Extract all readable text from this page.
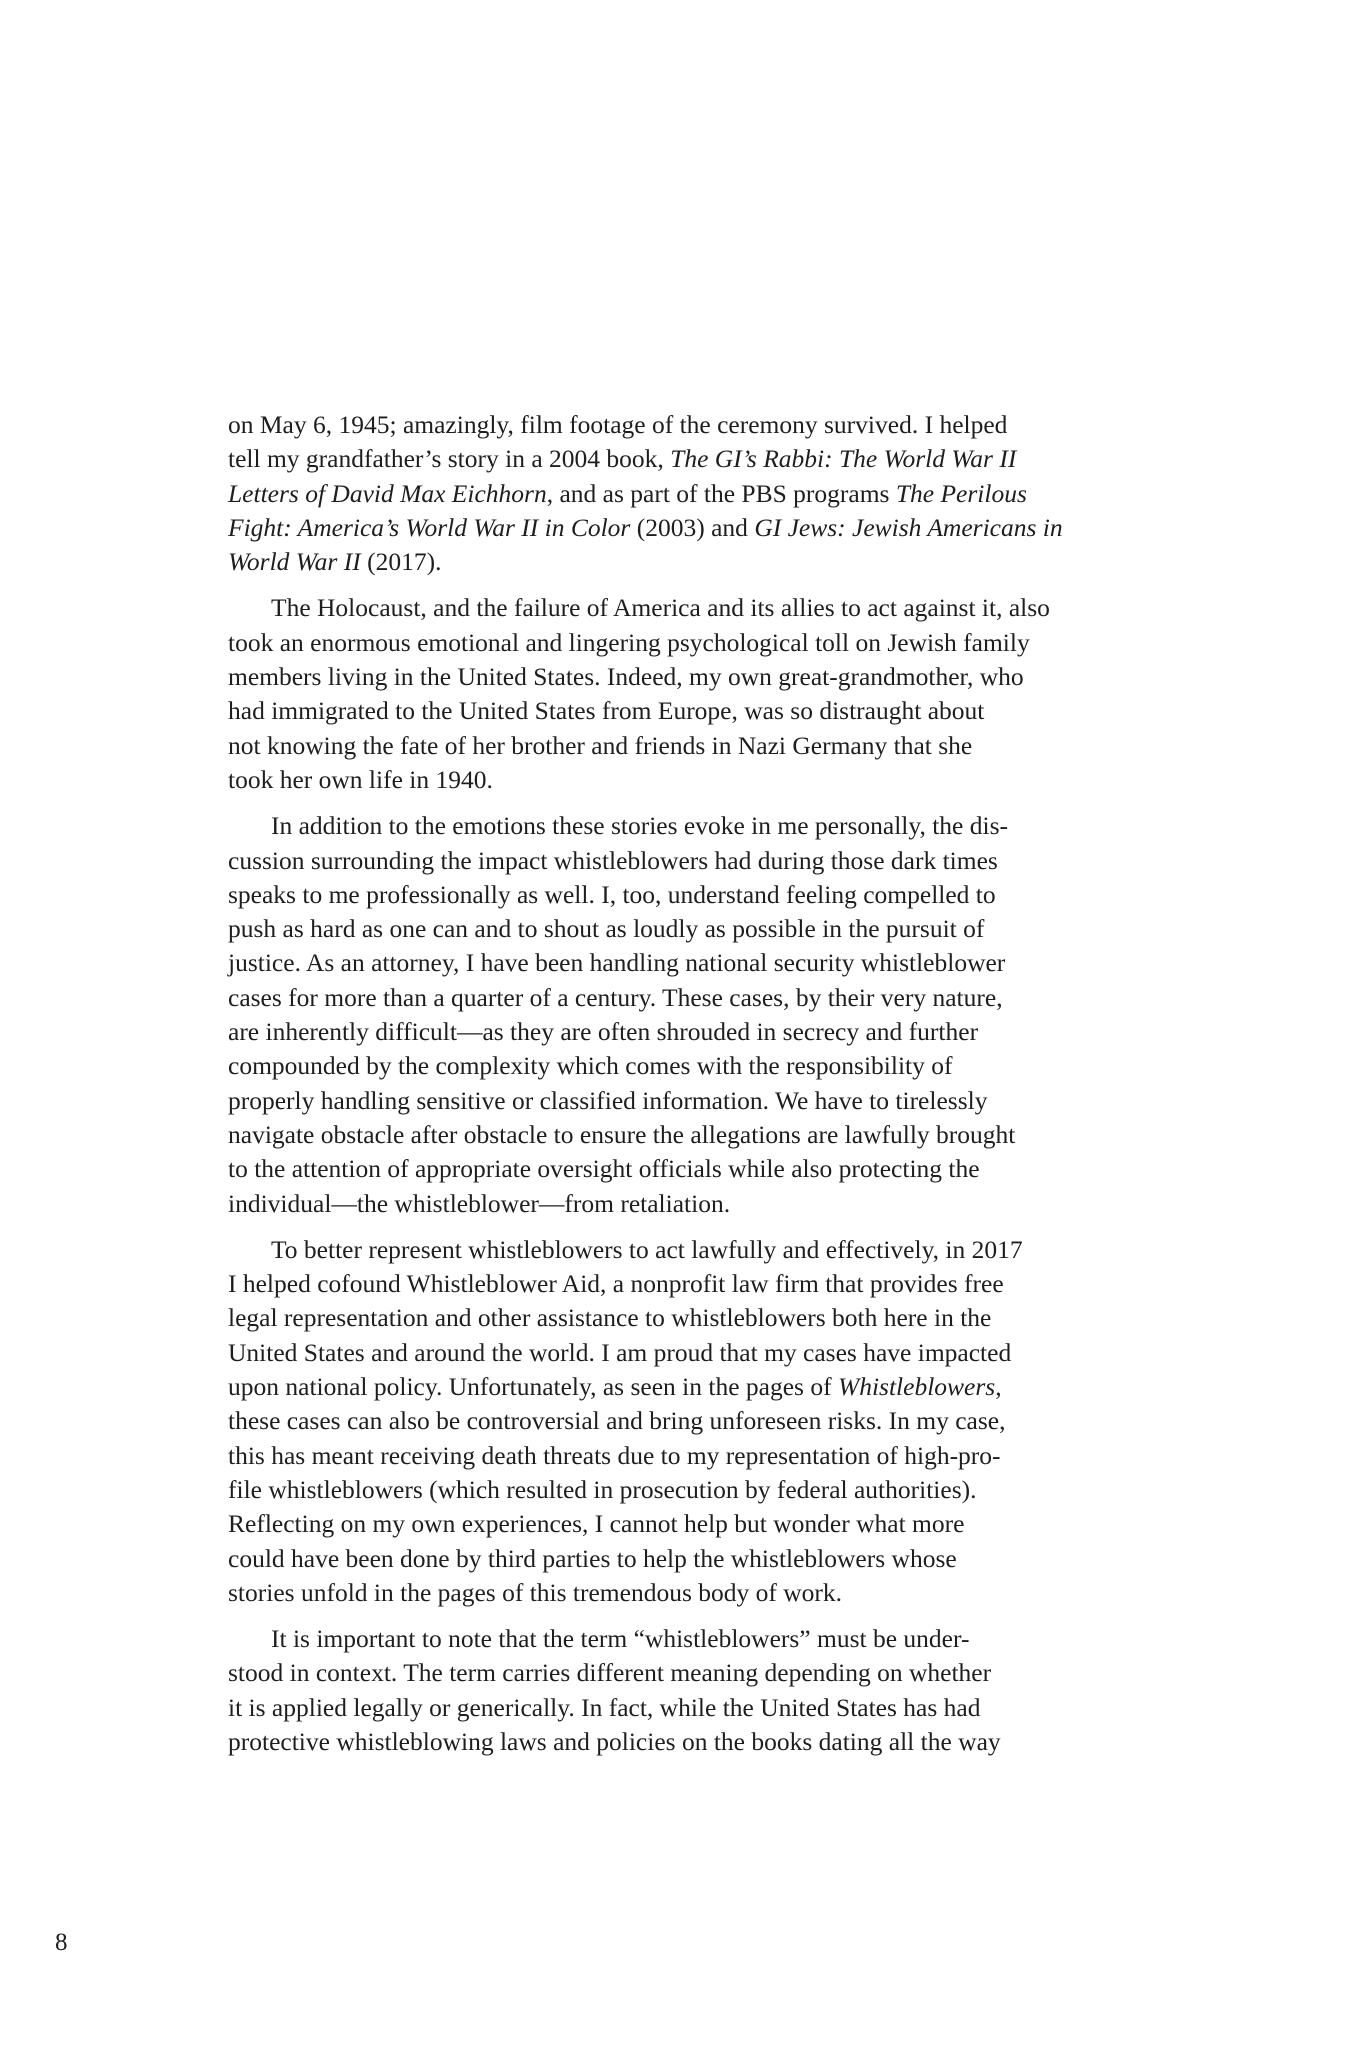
on May 6, 1945; amazingly, film footage of the ceremony survived. I helped
tell my grandfather’s story in a 2004 book, The GI’s Rabbi: The World War II
Letters of David Max Eichhorn, and as part of the PBS programs The Perilous
Fight: America’s World War II in Color (2003) and GI Jews: Jewish Americans in
World War II (2017).

The Holocaust, and the failure of America and its allies to act against it, also
took an enormous emotional and lingering psychological toll on Jewish family
members living in the United States. Indeed, my own great-grandmother, who
had immigrated to the United States from Europe, was so distraught about
not knowing the fate of her brother and friends in Nazi Germany that she
took her own life in 1940.

In addition to the emotions these stories evoke in me personally, the dis-
cussion surrounding the impact whistleblowers had during those dark times
speaks to me professionally as well. I, too, understand feeling compelled to
push as hard as one can and to shout as loudly as possible in the pursuit of
justice. As an attorney, I have been handling national security whistleblower
cases for more than a quarter of a century. These cases, by their very nature,
are inherently difficult—as they are often shrouded in secrecy and further
compounded by the complexity which comes with the responsibility of
properly handling sensitive or classified information. We have to tirelessly
navigate obstacle after obstacle to ensure the allegations are lawfully brought
to the attention of appropriate oversight officials while also protecting the
individual—the whistleblower—from retaliation.

To better represent whistleblowers to act lawfully and effectively, in 2017
I helped cofound Whistleblower Aid, a nonprofit law firm that provides free
legal representation and other assistance to whistleblowers both here in the
United States and around the world. I am proud that my cases have impacted
upon national policy. Unfortunately, as seen in the pages of Whistleblowers,
these cases can also be controversial and bring unforeseen risks. In my case,
this has meant receiving death threats due to my representation of high-pro-
file whistleblowers (which resulted in prosecution by federal authorities).
Reflecting on my own experiences, I cannot help but wonder what more
could have been done by third parties to help the whistleblowers whose
stories unfold in the pages of this tremendous body of work.

It is important to note that the term “whistleblowers” must be under-
stood in context. The term carries different meaning depending on whether
it is applied legally or generically. In fact, while the United States has had
protective whistleblowing laws and policies on the books dating all the way

8
